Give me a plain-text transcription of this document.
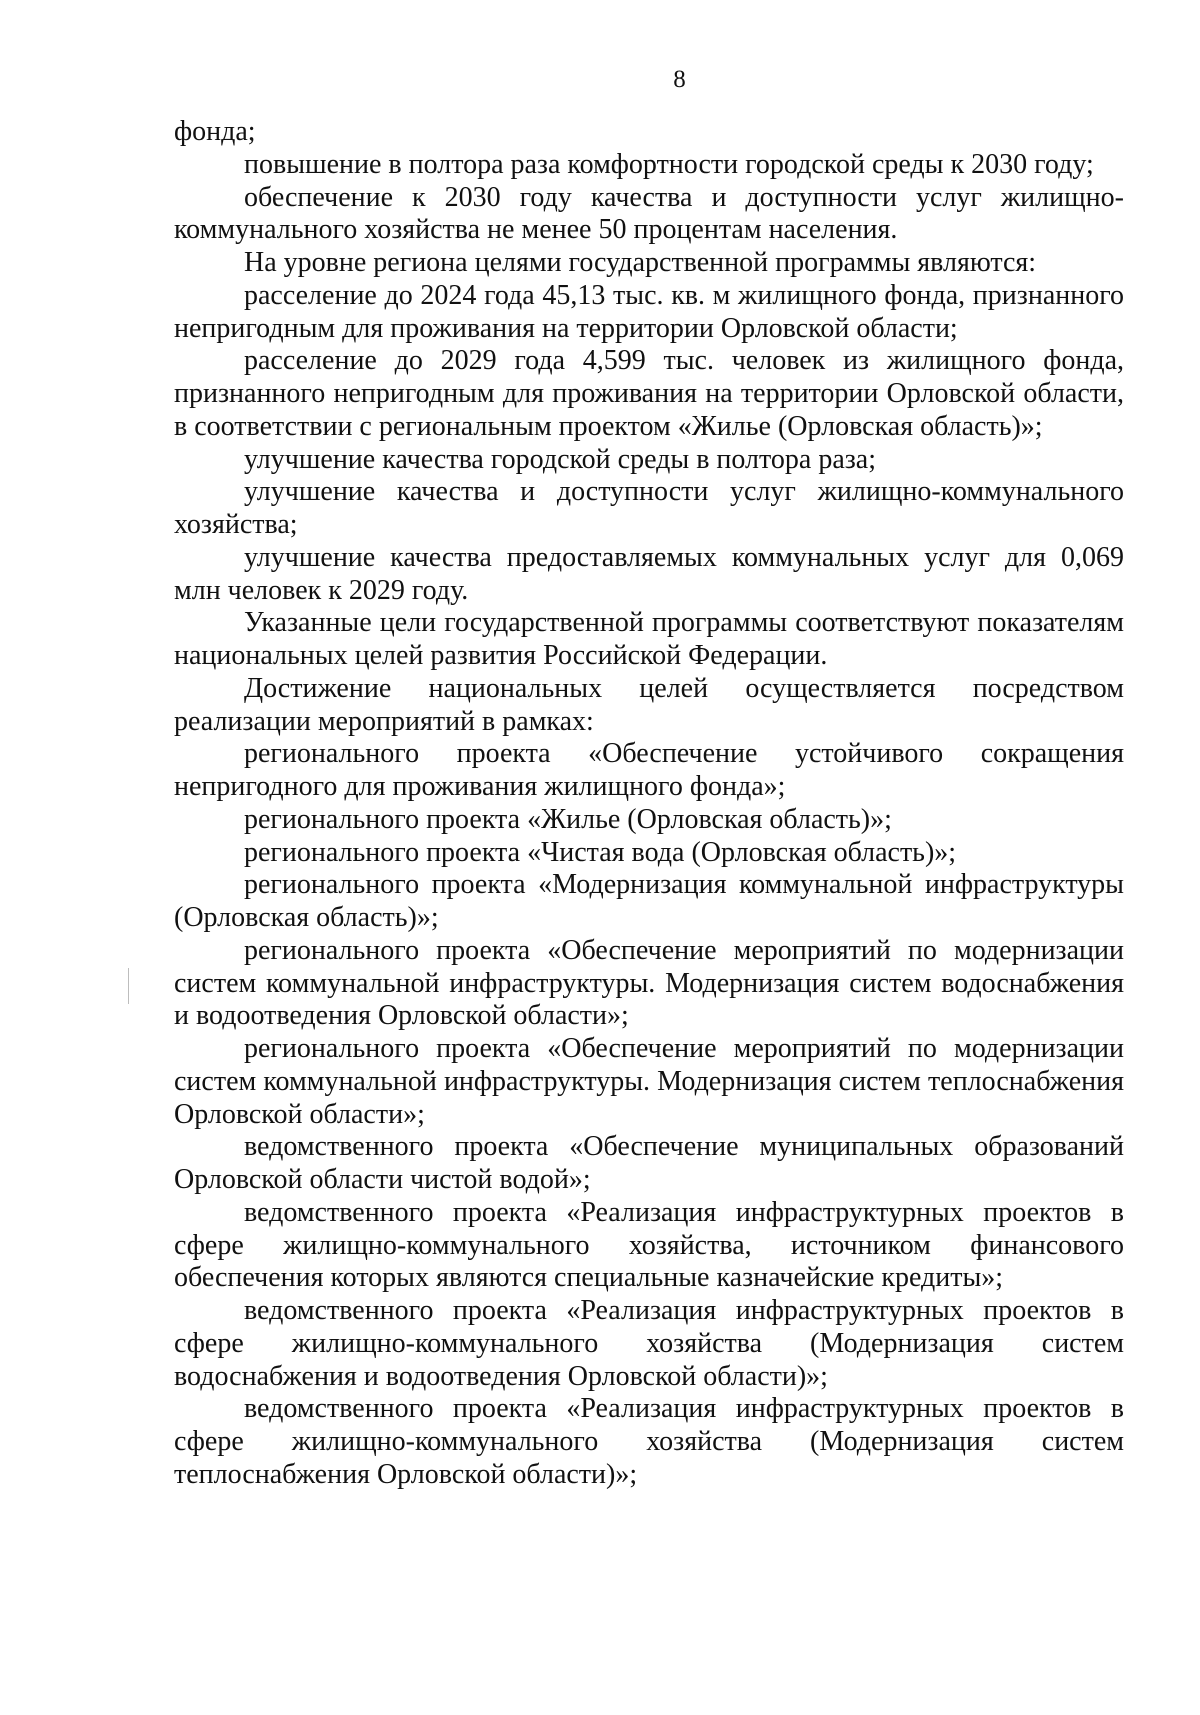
8

фонда;

повышение в полтора раза комфортности городской среды к 2030 году;

обеспечение к 2030 году качества и доступности услуг жилищно-коммунального хозяйства не менее 50 процентам населения.

На уровне региона целями государственной программы являются:

расселение до 2024 года 45,13 тыс. кв. м жилищного фонда, признанного непригодным для проживания на территории Орловской области;

расселение до 2029 года 4,599 тыс. человек из жилищного фонда, признанного непригодным для проживания на территории Орловской области, в соответствии с региональным проектом «Жилье (Орловская область)»;

улучшение качества городской среды в полтора раза;

улучшение качества и доступности услуг жилищно-коммунального хозяйства;

улучшение качества предоставляемых коммунальных услуг для 0,069 млн человек к 2029 году.

Указанные цели государственной программы соответствуют показателям национальных целей развития Российской Федерации.

Достижение национальных целей осуществляется посредством реализации мероприятий в рамках:

регионального проекта «Обеспечение устойчивого сокращения непригодного для проживания жилищного фонда»;

регионального проекта «Жилье (Орловская область)»;

регионального проекта «Чистая вода (Орловская область)»;

регионального проекта «Модернизация коммунальной инфраструктуры (Орловская область)»;

регионального проекта «Обеспечение мероприятий по модернизации систем коммунальной инфраструктуры. Модернизация систем водоснабжения и водоотведения Орловской области»;

регионального проекта «Обеспечение мероприятий по модернизации систем коммунальной инфраструктуры. Модернизация систем теплоснабжения Орловской области»;

ведомственного проекта «Обеспечение муниципальных образований Орловской области чистой водой»;

ведомственного проекта «Реализация инфраструктурных проектов в сфере жилищно-коммунального хозяйства, источником финансового обеспечения которых являются специальные казначейские кредиты»;

ведомственного проекта «Реализация инфраструктурных проектов в сфере жилищно-коммунального хозяйства (Модернизация систем водоснабжения и водоотведения Орловской области)»;

ведомственного проекта «Реализация инфраструктурных проектов в сфере жилищно-коммунального хозяйства (Модернизация систем теплоснабжения Орловской области)»;
